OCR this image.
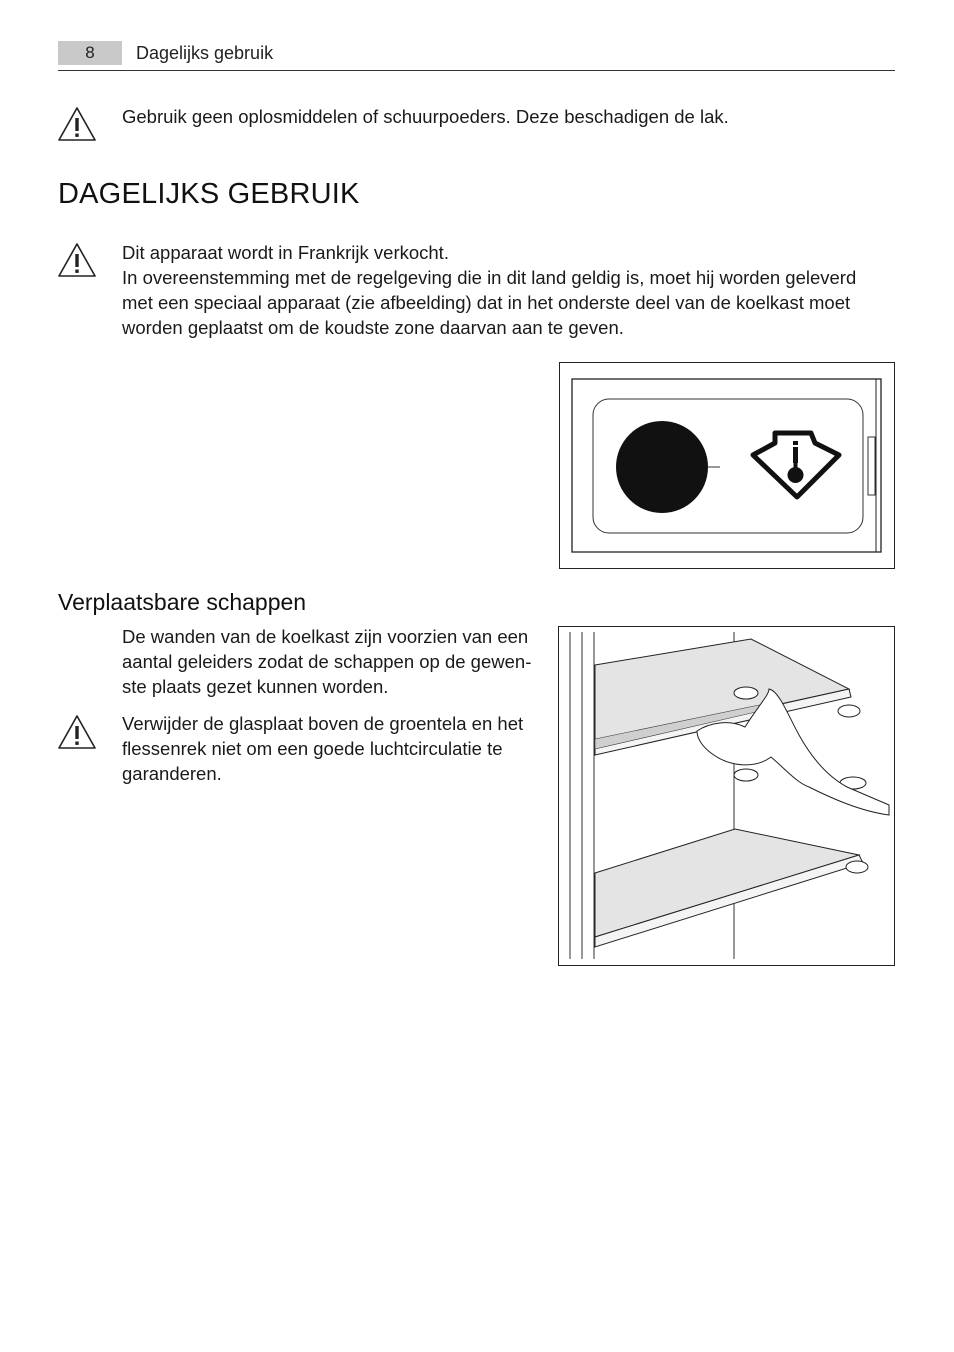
8	Dagelijks gebruik
Gebruik geen oplosmiddelen of schuurpoeders. Deze beschadigen de lak.
DAGELIJKS GEBRUIK
Dit apparaat wordt in Frankrijk verkocht.
In overeenstemming met de regelgeving die in dit land geldig is, moet hij worden geleverd
met een speciaal apparaat (zie afbeelding) dat in het onderste deel van de koelkast moet
worden geplaatst om de koudste zone daarvan aan te geven.
Verplaatsbare schappen
De wanden van de koelkast zijn voorzien van een
aantal geleiders zodat de schappen op de gewen-
ste plaats gezet kunnen worden.
Verwijder de glasplaat boven de groentela en het
flessenrek niet om een goede luchtcirculatie te
garanderen.
